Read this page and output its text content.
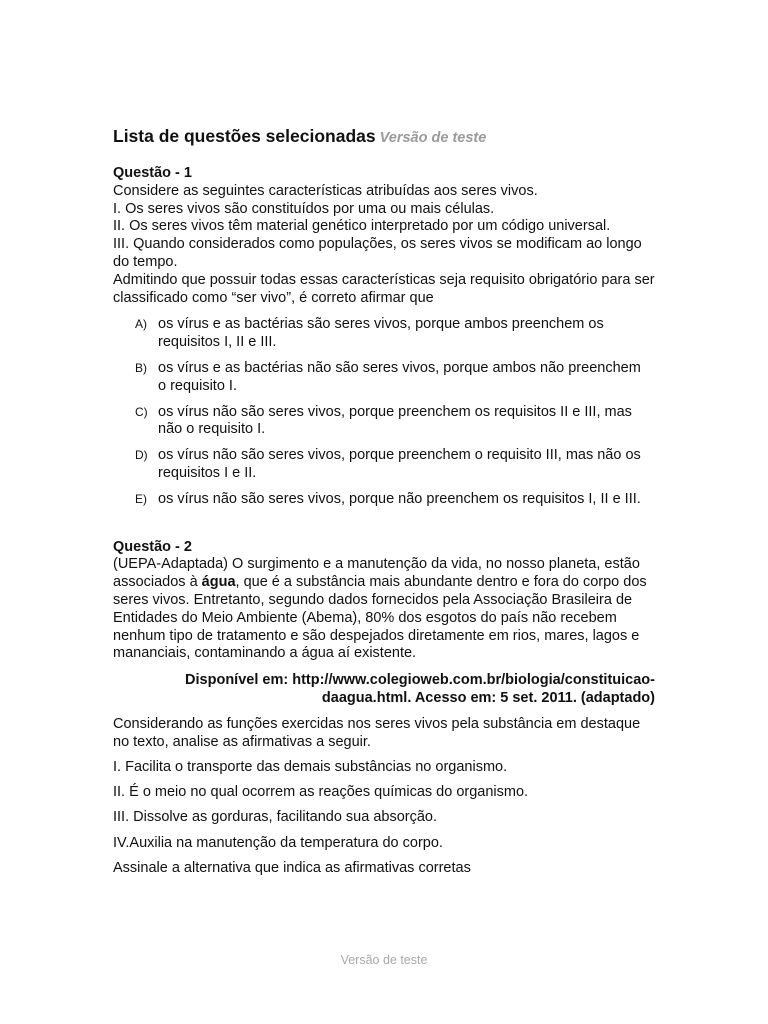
Lista de questões selecionadas Versão de teste

Questão - 1

Considere as seguintes características atribuídas aos seres vivos.

I. Os seres vivos são constituídos por uma ou mais células.

II. Os seres vivos têm material genético interpretado por um código universal.

III. Quando considerados como populações, os seres vivos se modificam ao longo do tempo.

Admitindo que possuir todas essas características seja requisito obrigatório para ser classificado como “ser vivo”, é correto afirmar que

A) os vírus e as bactérias são seres vivos, porque ambos preenchem os requisitos I, II e III.
B) os vírus e as bactérias não são seres vivos, porque ambos não preenchem o requisito I.
C) os vírus não são seres vivos, porque preenchem os requisitos II e III, mas não o requisito I.
D) os vírus não são seres vivos, porque preenchem o requisito III, mas não os requisitos I e II.
E) os vírus não são seres vivos, porque não preenchem os requisitos I, II e III.

Questão - 2

(UEPA-Adaptada) O surgimento e a manutenção da vida, no nosso planeta, estão associados à água, que é a substância mais abundante dentro e fora do corpo dos seres vivos. Entretanto, segundo dados fornecidos pela Associação Brasileira de Entidades do Meio Ambiente (Abema), 80% dos esgotos do país não recebem nenhum tipo de tratamento e são despejados diretamente em rios, mares, lagos e mananciais, contaminando a água aí existente.

Disponível em: http://www.colegioweb.com.br/biologia/constituicao-daagua.html. Acesso em: 5 set. 2011. (adaptado)

Considerando as funções exercidas nos seres vivos pela substância em destaque no texto, analise as afirmativas a seguir.

I. Facilita o transporte das demais substâncias no organismo.

II. É o meio no qual ocorrem as reações químicas do organismo.

III. Dissolve as gorduras, facilitando sua absorção.

IV.Auxilia na manutenção da temperatura do corpo.

Assinale a alternativa que indica as afirmativas corretas

Versão de teste
